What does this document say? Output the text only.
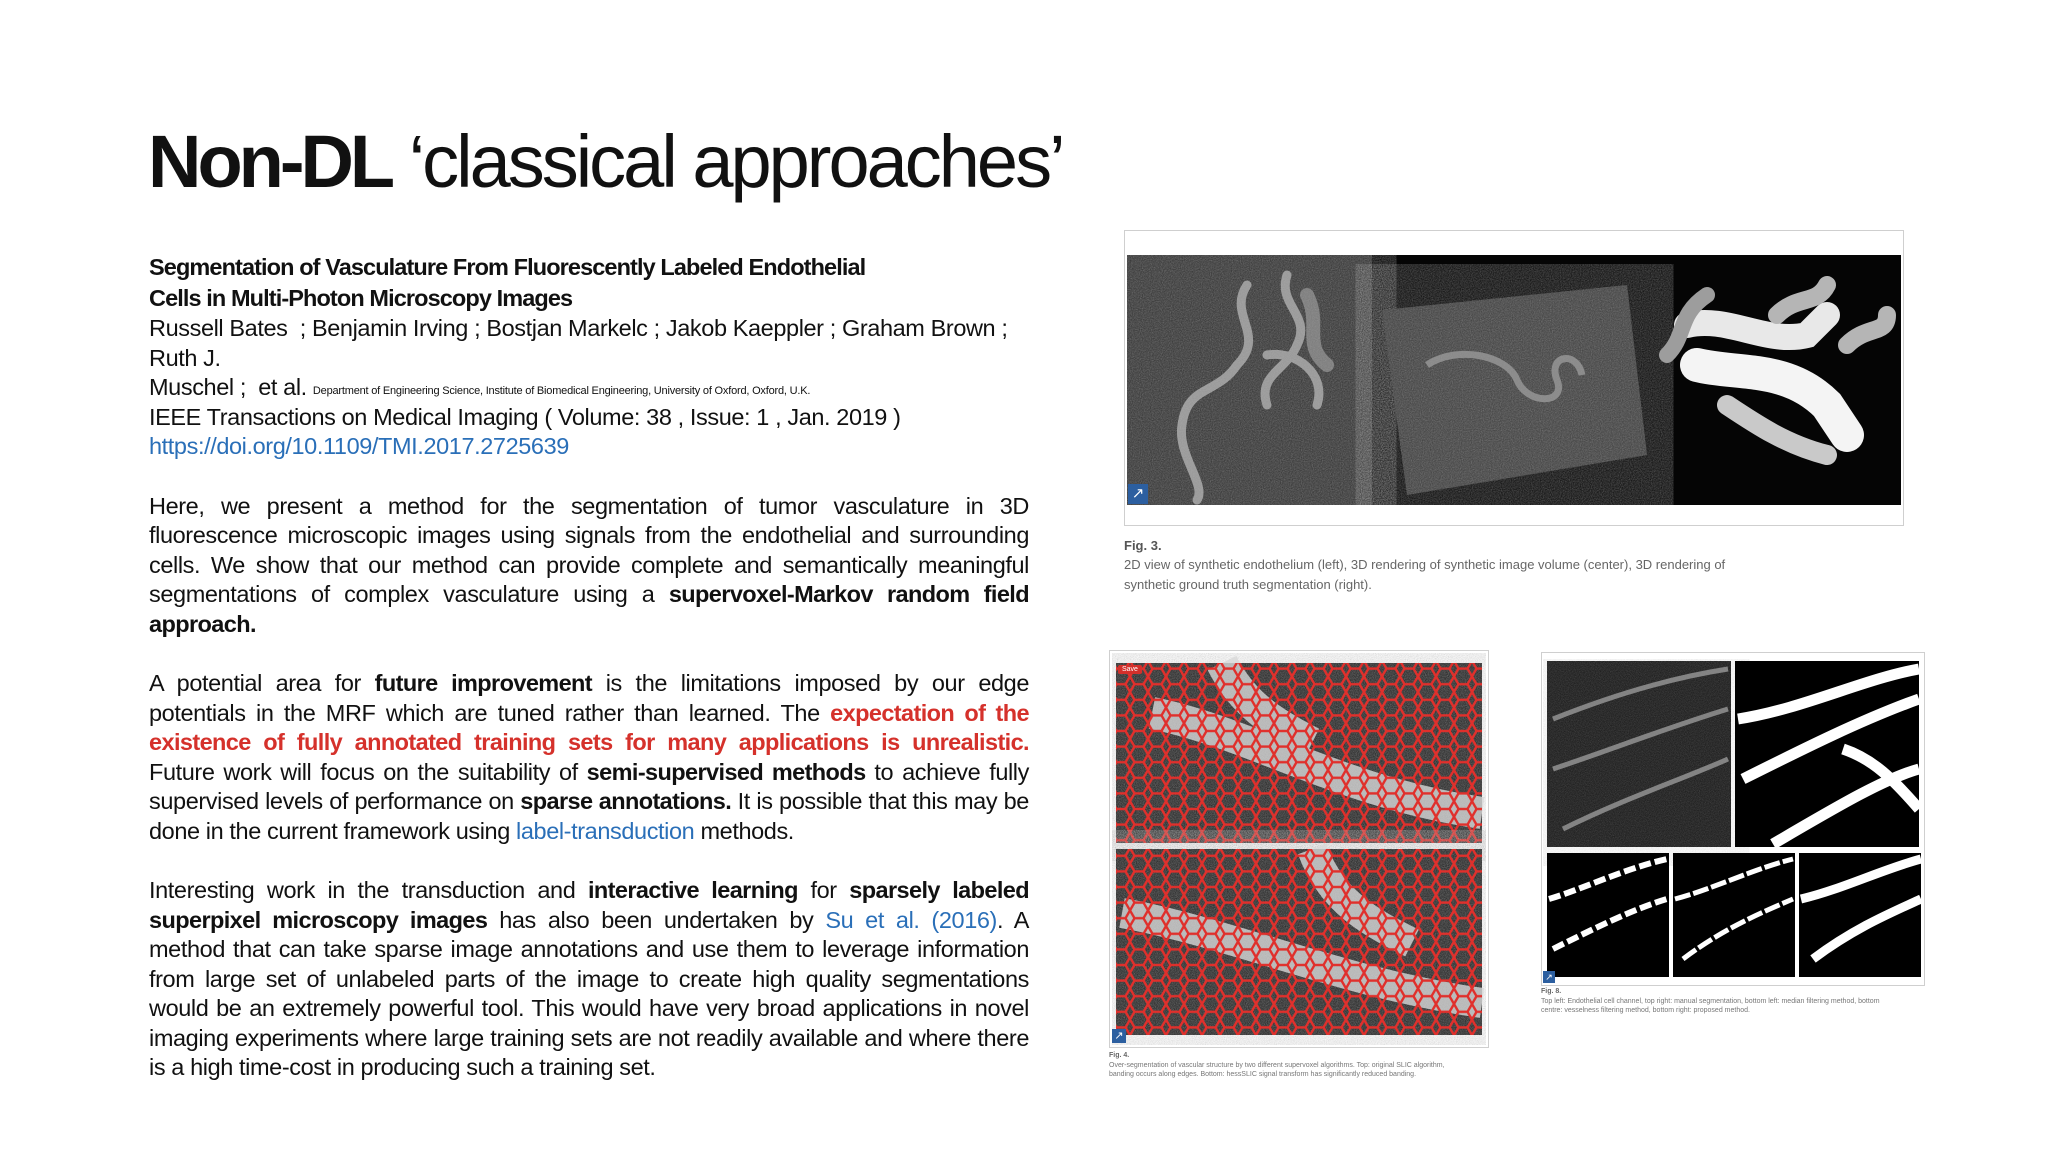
Non-DL ‘classical approaches’
Segmentation of Vasculature From Fluorescently Labeled Endothelial
Cells in Multi-Photon Microscopy Images
Russell Bates  ; Benjamin Irving ; Bostjan Markelc ; Jakob Kaeppler ; Graham Brown ; Ruth J.
Muschel ;  et al. $^{Department of Engineering Science, Institute of Biomedical Engineering, University of Oxford, Oxford, U.K.}$
IEEE Transactions on Medical Imaging ( Volume: 38 , Issue: 1 , Jan. 2019 )
https://doi.org/10.1109/TMI.2017.2725639
Here, we present a method for the segmentation of tumor vasculature in 3D fluorescence microscopic images using signals from the endothelial and surrounding cells. We show that our method can provide complete and semantically meaningful segmentations of complex vasculature using a supervoxel-Markov random field approach.
A potential area for future improvement is the limitations imposed by our edge potentials in the MRF which are tuned rather than learned. The expectation of the existence of fully annotated training sets for many applications is unrealistic. Future work will focus on the suitability of semi-supervised methods to achieve fully supervised levels of performance on sparse annotations. It is possible that this may be done in the current framework using label-transduction methods.
Interesting work in the transduction and interactive learning for sparsely labeled superpixel microscopy images has also been undertaken by Su et al. (2016). A method that can take sparse image annotations and use them to leverage information from large set of unlabeled parts of the image to create high quality segmentations would be an extremely powerful tool. This would have very broad applications in novel imaging experiments where large training sets are not readily available and where there is a high time-cost in producing such a training set.
↗
Fig. 3.
2D view of synthetic endothelium (left), 3D rendering of synthetic image volume (center), 3D rendering of
synthetic ground truth segmentation (right).
Save
↗
Fig. 4.
Over-segmentation of vascular structure by two different supervoxel algorithms. Top: original SLIC algorithm,
banding occurs along edges. Bottom: hessSLIC signal transform has significantly reduced banding.
↗
Fig. 8.
Top left: Endothelial cell channel, top right: manual segmentation, bottom left: median filtering method, bottom
centre: vesselness filtering method, bottom right: proposed method.
